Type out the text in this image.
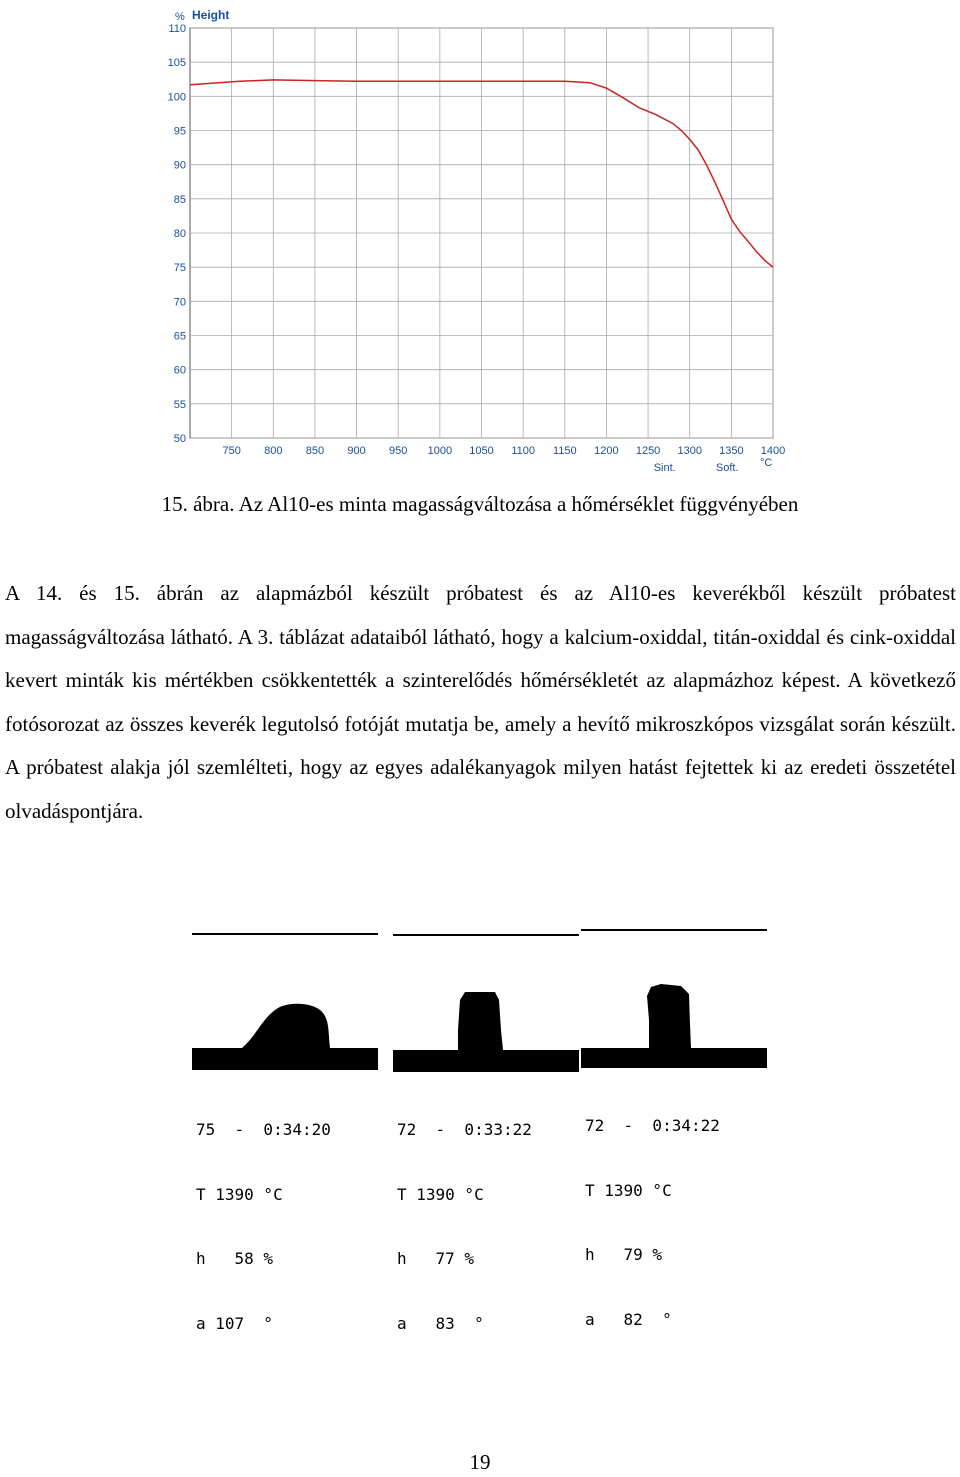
% Height
°C
110
105
100
95
90
85
80
75
70
65
60
55
50
750 800 850 900 950 1000 1050 1100 1150 1200 1250 1300 1350 1400
Sint.	Soft.
15. ábra. Az Al10-es minta magasságváltozása a hőmérséklet függvényében

A 14. és 15. ábrán az alapmázból készült próbatest és az Al10-es keverékből készült próbatest magasságváltozása látható. A 3. táblázat adataiból látható, hogy a kalcium-oxiddal, titán-oxiddal és cink-oxiddal kevert minták kis mértékben csökkentették a szinterelődés hőmérsékletét az alapmázhoz képest. A következő fotósorozat az összes keverék legutolsó fotóját mutatja be, amely a hevítő mikroszkópos vizsgálat során készült. A próbatest alakja jól szemlélteti, hogy az egyes adalékanyagok milyen hatást fejtettek ki az eredeti összetétel olvadáspontjára.

75  -  0:34:20

T 1390 °C

h   58 %

a 107  °

72  -  0:33:22

T 1390 °C

h   77 %

a   83  °

72  -  0:34:22

T 1390 °C

h   79 %

a   82  °

19
